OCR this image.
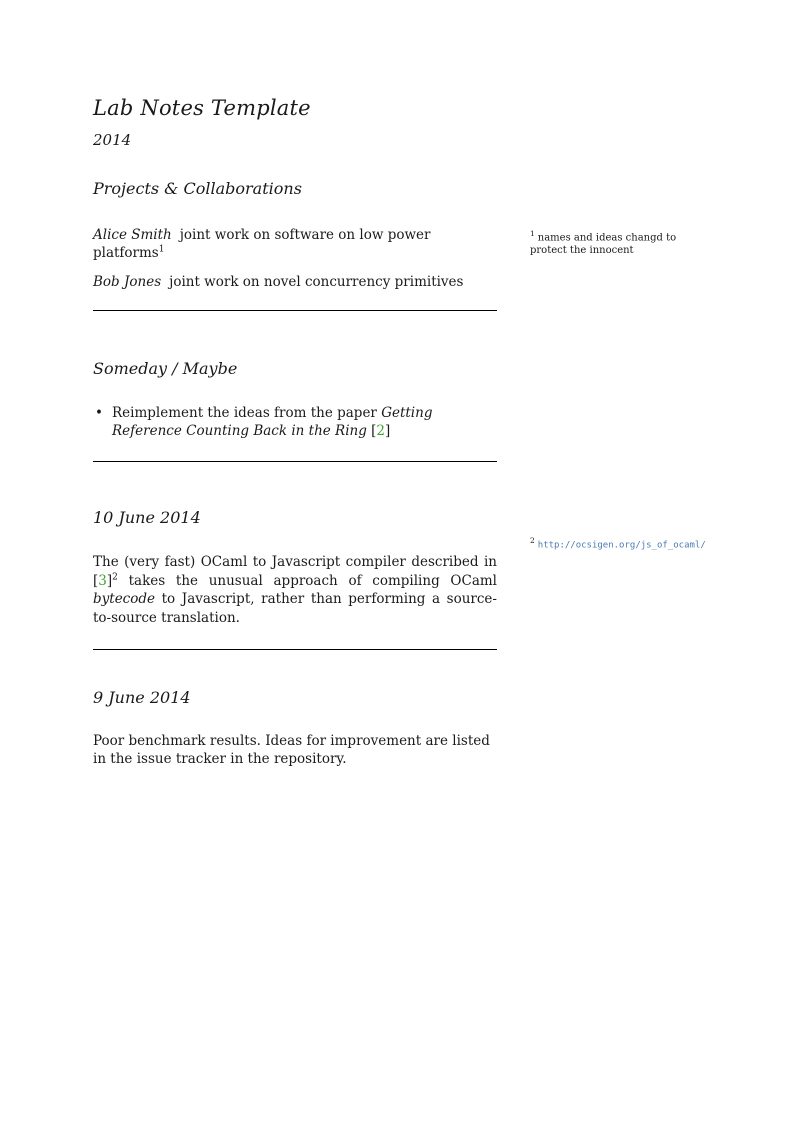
Lab Notes Template
2014
Projects & Collaborations

Alice Smith joint work on software on low power platforms$^1$

Bob Jones joint work on novel concurrency primitives

Someday / Maybe
• Reimplement the ideas from the paper Getting Reference Counting Back in the Ring [2]
10 June 2014

The (very fast) OCaml to Javascript compiler described in [3]$^2$ takes the unusual approach of compiling OCaml bytecode to Javascript, rather than performing a source-to-source translation.

9 June 2014

Poor benchmark results. Ideas for improvement are listed in the issue tracker in the repository.

$^1$ names and ideas changd to protect the innocent
$^2$ http://ocsigen.org/js_of_ocaml/
